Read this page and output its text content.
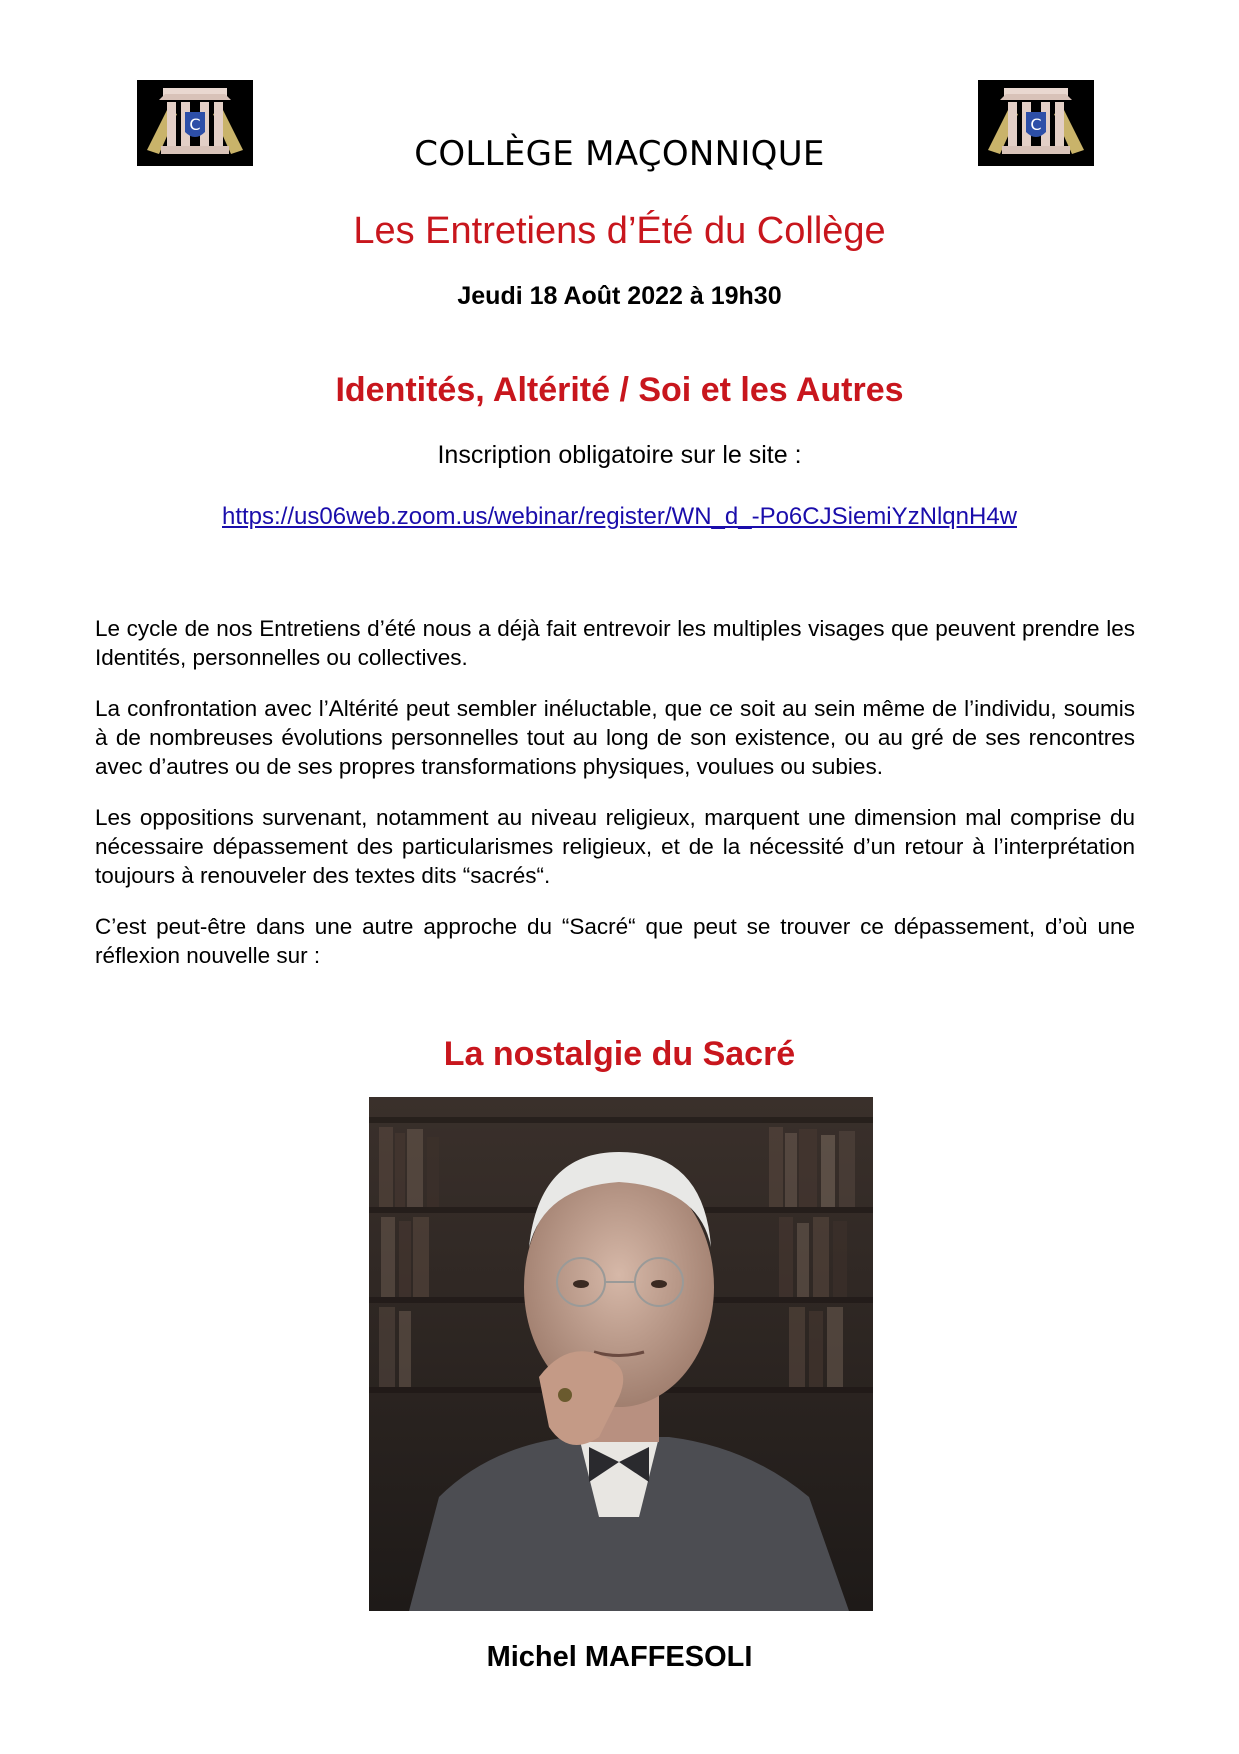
C	C
COLLÈGE MAÇONNIQUE
Les Entretiens d’Été du Collège
Jeudi 18 Août 2022 à 19h30
Identités, Altérité / Soi et les Autres
Inscription obligatoire sur le site :
https://us06web.zoom.us/webinar/register/WN_d_-Po6CJSiemiYzNlqnH4w

Le cycle de nos Entretiens d’été nous a déjà fait entrevoir les multiples visages que peuvent prendre les Identités, personnelles ou collectives.

La confrontation avec l’Altérité peut sembler inéluctable, que ce soit au sein même de l’individu, soumis à de nombreuses évolutions personnelles tout au long de son existence, ou au gré de ses rencontres avec d’autres ou de ses propres transformations physiques, voulues ou subies.

Les oppositions survenant, notamment au niveau religieux, marquent une dimension mal comprise du nécessaire dépassement des particularismes religieux, et de la nécessité d’un retour à l’interprétation toujours à renouveler des textes dits “sacrés“.

C’est peut-être dans une autre approche du “Sacré“ que peut se trouver ce dépassement, d’où une réflexion nouvelle sur :

La nostalgie du Sacré
Michel MAFFESOLI
